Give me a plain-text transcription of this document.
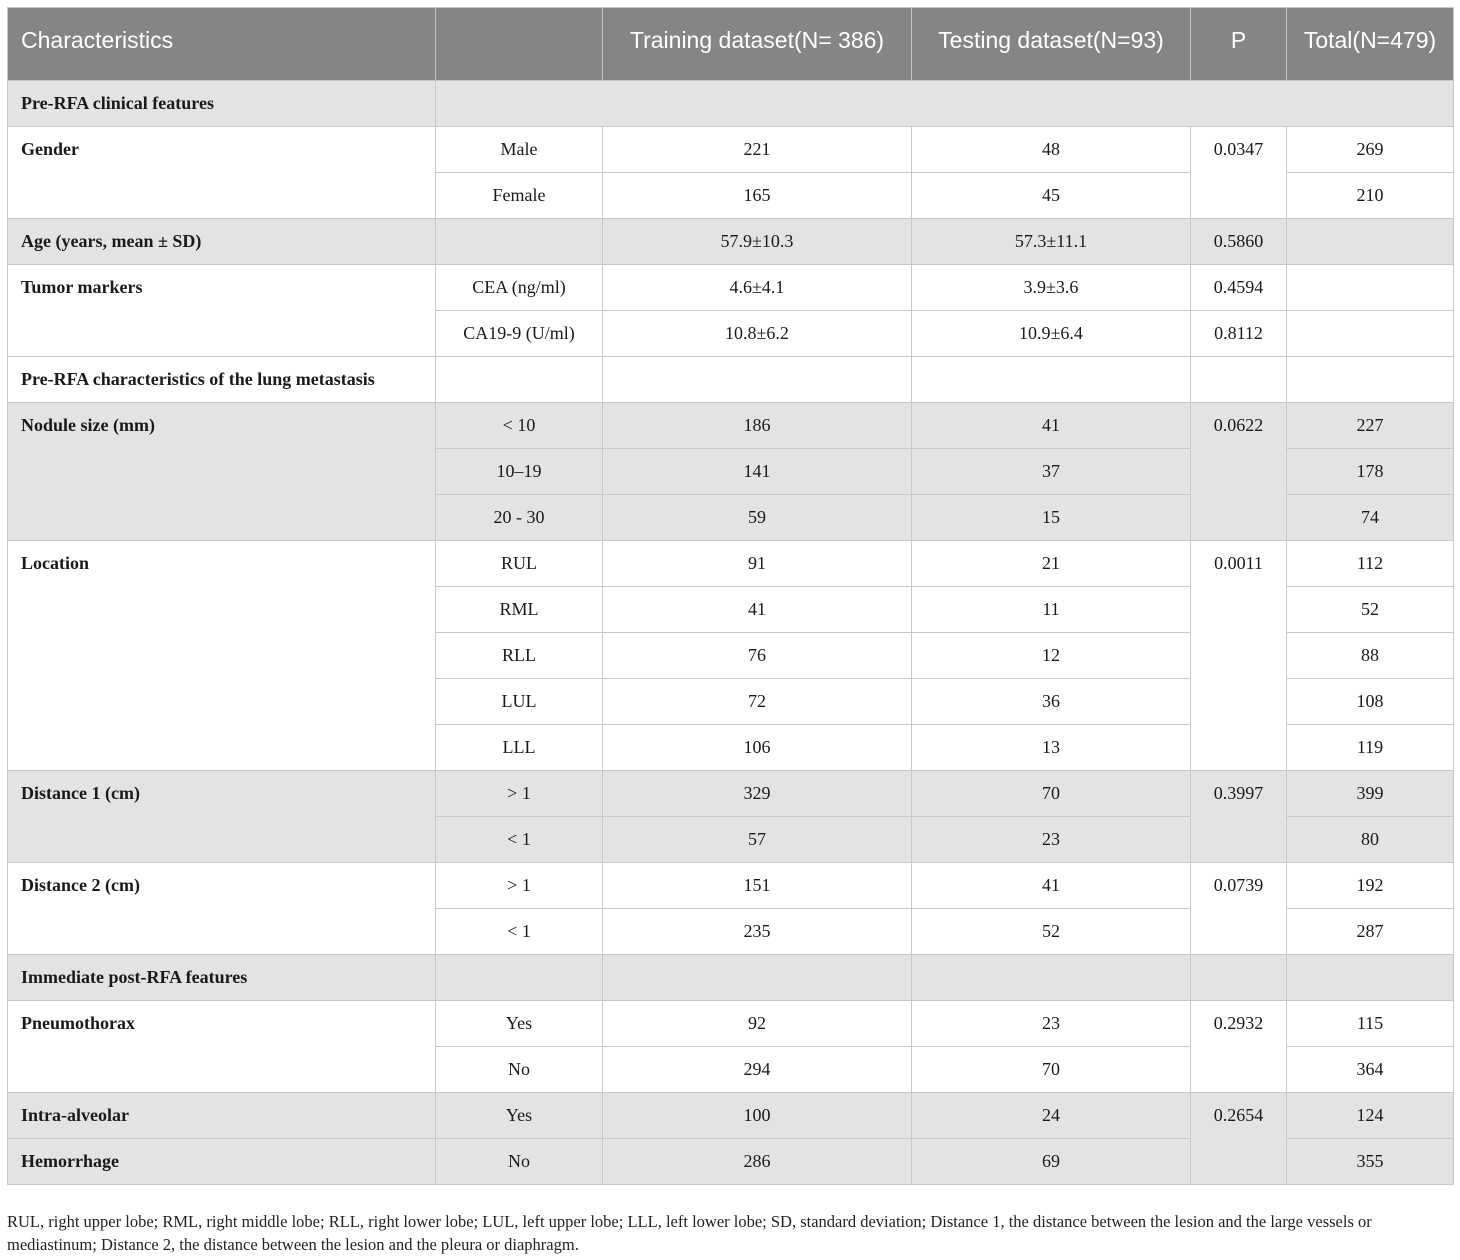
Characteristics		Training dataset(N= 386)	Testing dataset(N=93)	P	Total(N=479)
Pre-RFA clinical features					
Gender	Male	221	48	0.0347	269
	Female	165	45		210
Age (years, mean ± SD)		57.9±10.3	57.3±11.1	0.5860	
Tumor markers	CEA (ng/ml)	4.6±4.1	3.9±3.6	0.4594	
	CA19-9 (U/ml)	10.8±6.2	10.9±6.4	0.8112	
Pre-RFA characteristics of the lung metastasis					
Nodule size (mm)	< 10	186	41	0.0622	227
	10–19	141	37		178
	20 - 30	59	15		74
Location	RUL	91	21	0.0011	112
	RML	41	11		52
	RLL	76	12		88
	LUL	72	36		108
	LLL	106	13		119
Distance 1 (cm)	> 1	329	70	0.3997	399
	< 1	57	23		80
Distance 2 (cm)	> 1	151	41	0.0739	192
	< 1	235	52		287
Immediate post-RFA features					
Pneumothorax	Yes	92	23	0.2932	115
	No	294	70		364
Intra-alveolar	Yes	100	24	0.2654	124
Hemorrhage	No	286	69		355
RUL, right upper lobe; RML, right middle lobe; RLL, right lower lobe; LUL, left upper lobe; LLL, left lower lobe; SD, standard deviation; Distance 1, the distance between the lesion and the large vessels or mediastinum; Distance 2, the distance between the lesion and the pleura or diaphragm.
